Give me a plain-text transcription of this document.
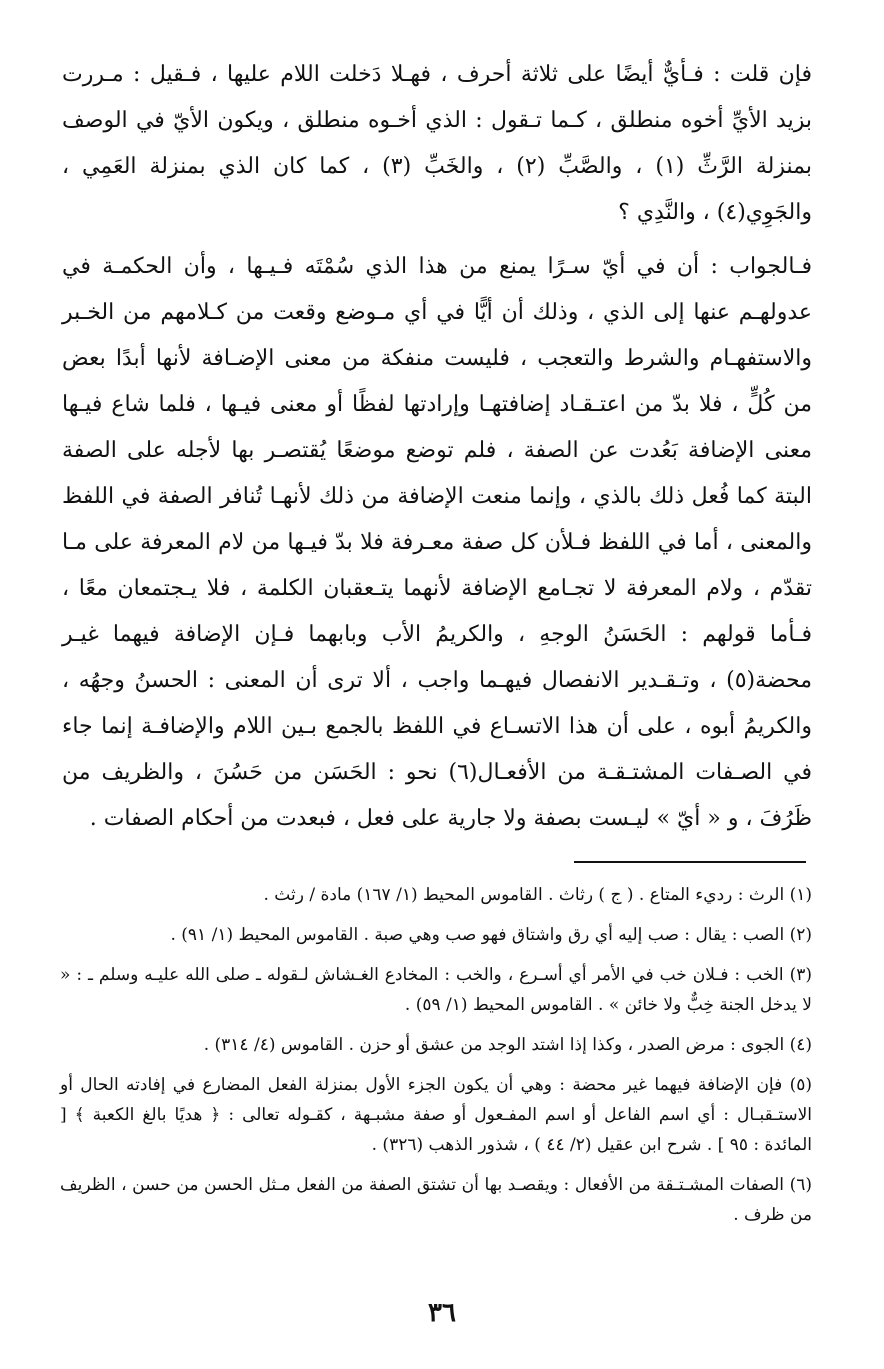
فإن قلت : فـأيٌّ أيضًا على ثلاثة أحرف ، فهـلا دَخلت اللام عليها ، فـقيل : مـررت بزيد الأيِّ أخوه منطلق ، كـما تـقول : الذي أخـوه منطلق ، ويكون الأيّ في الوصف بمنزلة الرَّثِّ (١) ، والصَّبِّ (٢) ، والخَبِّ (٣) ، كما كان الذي بمنزلة العَمِي ، والجَوِي(٤) ، والنَّدِي ؟

فـالجواب : أن في أيّ سـرًا يمنع من هذا الذي سُمْتَه فـيـها ، وأن الحكمـة في عدولهـم عنها إلى الذي ، وذلك أن أيًّا في أي مـوضع وقعت من كـلامهم من الخـبر والاستفهـام والشرط والتعجب ، فليست منفكة من معنى الإضـافة لأنها أبدًا بعض من كُلٍّ ، فلا بدّ من اعتـقـاد إضافتهـا وإرادتها لفظًا أو معنى فيـها ، فلما شاع فيـها معنى الإضافة بَعُدت عن الصفة ، فلم توضع موضعًا يُقتصـر بها لأجله على الصفة البتة كما فُعل ذلك بالذي ، وإنما منعت الإضافة من ذلك لأنهـا تُنافر الصفة في اللفظ والمعنى ، أما في اللفظ فـلأن كل صفة معـرفة فلا بدّ فيـها من لام المعرفة على مـا تقدّم ، ولام المعرفة لا تجـامع الإضافة لأنهما يتـعقبان الكلمة ، فلا يـجتمعان معًا ، فـأما قولهم : الحَسَنُ الوجهِ ، والكريمُ الأب وبابهما فـإن الإضافة فيهما غيـر محضة(٥) ، وتـقـدير الانفصال فيهـما واجب ، ألا ترى أن المعنى : الحسنُ وجهُه ، والكريمُ أبوه ، على أن هذا الاتسـاع في اللفظ بالجمع بـين اللام والإضافـة إنما جاء في الصـفات المشتـقـة من الأفعـال(٦) نحو : الحَسَن من حَسُنَ ، والظريف من ظَرُفَ ، و « أيّ » ليـست بصفة ولا جارية على فعل ، فبعدت من أحكام الصفات .

(١) الرث : رديء المتاع . ( ج ) رثاث . القاموس المحيط (١/ ١٦٧) مادة / رثث .

(٢) الصب : يقال : صب إليه أي رق واشتاق فهو صب وهي صبة . القاموس المحيط (١/ ٩١) .

(٣) الخب : فـلان خب في الأمر أي أسـرع ، والخب : المخادع الغـشاش لـقوله ـ صلى الله عليـه وسلم ـ : « لا يدخل الجنة خِبٌّ ولا خائن » . القاموس المحيط (١/ ٥٩) .

(٤) الجوى : مرض الصدر ، وكذا إذا اشتد الوجد من عشق أو حزن . القاموس (٤/ ٣١٤) .

(٥) فإن الإضافة فيهما غير محضة : وهي أن يكون الجزء الأول بمنزلة الفعل المضارع في إفادته الحال أو الاستـقبـال : أي اسم الفاعل أو اسم المفـعول أو صفة مشبـهة ، كقـوله تعالى : ﴿ هديًا بالغ الكعبة ﴾ [ المائدة : ٩٥ ] . شرح ابن عقيل (٢/ ٤٤ ) ، شذور الذهب (٣٢٦) .

(٦) الصفات المشـتـقة من الأفعال : ويقصـد بها أن تشتق الصفة من الفعل مـثل الحسن من حسن ، الظريف من ظرف .

٣٦
